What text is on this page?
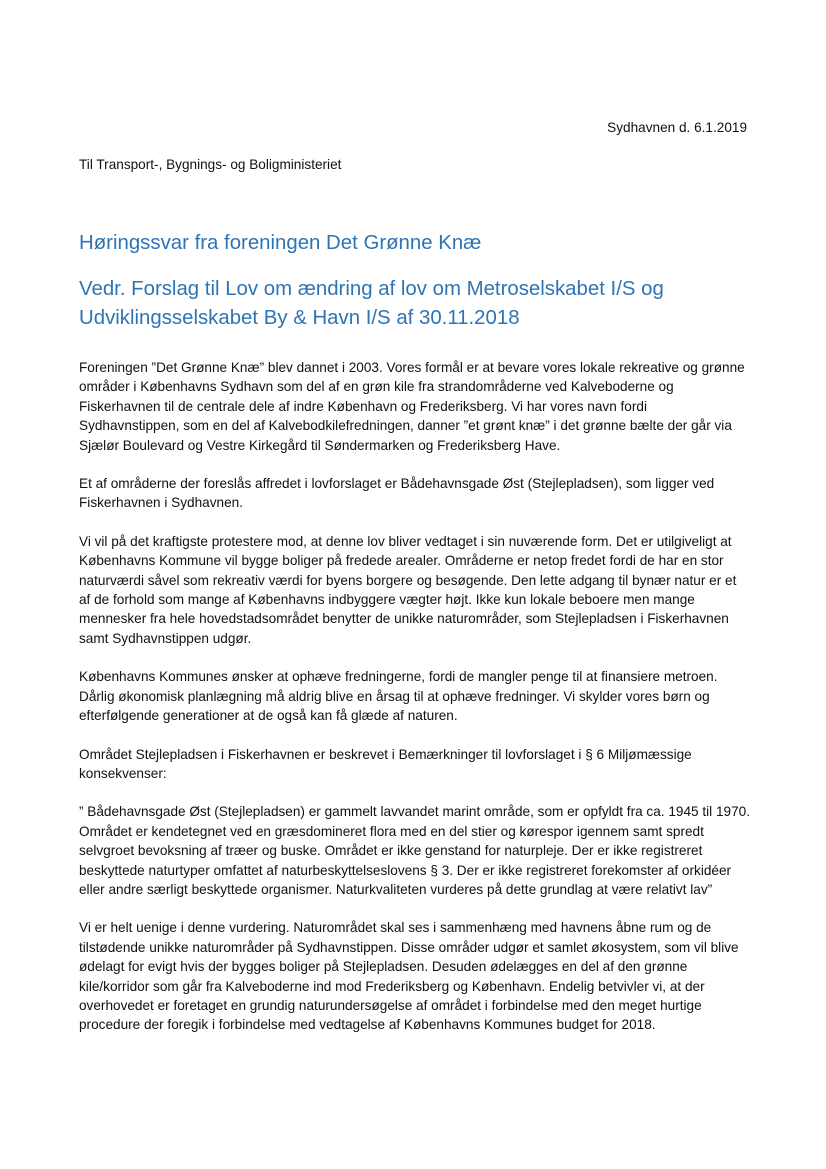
Sydhavnen d. 6.1.2019
Til Transport-, Bygnings- og Boligministeriet
Høringssvar fra foreningen Det Grønne Knæ
Vedr. Forslag til Lov om ændring af lov om Metroselskabet I/S og Udviklingsselskabet By & Havn I/S af 30.11.2018

Foreningen ”Det Grønne Knæ” blev dannet i 2003. Vores formål er at bevare vores lokale rekreative og grønne områder i Københavns Sydhavn som del af en grøn kile fra strandområderne ved Kalveboderne og Fiskerhavnen til de centrale dele af indre København og Frederiksberg. Vi har vores navn fordi Sydhavnstippen, som en del af Kalvebodkilefredningen, danner ”et grønt knæ” i det grønne bælte der går via Sjælør Boulevard og Vestre Kirkegård til Søndermarken og Frederiksberg Have.

Et af områderne der foreslås affredet i lovforslaget er Bådehavnsgade Øst (Stejlepladsen), som ligger ved Fiskerhavnen i Sydhavnen.

Vi vil på det kraftigste protestere mod, at denne lov bliver vedtaget i sin nuværende form. Det er utilgiveligt at Københavns Kommune vil bygge boliger på fredede arealer. Områderne er netop fredet fordi de har en stor naturværdi såvel som rekreativ værdi for byens borgere og besøgende. Den lette adgang til bynær natur er et af de forhold som mange af Københavns indbyggere vægter højt. Ikke kun lokale beboere men mange mennesker fra hele hovedstadsområdet benytter de unikke naturområder, som Stejlepladsen i Fiskerhavnen samt Sydhavnstippen udgør.

Københavns Kommunes ønsker at ophæve fredningerne, fordi de mangler penge til at finansiere metroen. Dårlig økonomisk planlægning må aldrig blive en årsag til at ophæve fredninger. Vi skylder vores børn og efterfølgende generationer at de også kan få glæde af naturen.

Området Stejlepladsen i Fiskerhavnen er beskrevet i Bemærkninger til lovforslaget i § 6 Miljømæssige konsekvenser:

” Bådehavnsgade Øst (Stejlepladsen) er gammelt lavvandet marint område, som er opfyldt fra ca. 1945 til 1970. Området er kendetegnet ved en græsdomineret flora med en del stier og kørespor igennem samt spredt selvgroet bevoksning af træer og buske. Området er ikke genstand for naturpleje. Der er ikke registreret beskyttede naturtyper omfattet af naturbeskyttelseslovens § 3. Der er ikke registreret forekomster af orkidéer eller andre særligt beskyttede organismer. Naturkvaliteten vurderes på dette grundlag at være relativt lav”

Vi er helt uenige i denne vurdering. Naturområdet skal ses i sammenhæng med havnens åbne rum og de tilstødende unikke naturområder på Sydhavnstippen. Disse områder udgør et samlet økosystem, som vil blive ødelagt for evigt hvis der bygges boliger på Stejlepladsen. Desuden ødelægges en del af den grønne kile/korridor som går fra Kalveboderne ind mod Frederiksberg og København. Endelig betvivler vi, at der overhovedet er foretaget en grundig naturundersøgelse af området i forbindelse med den meget hurtige procedure der foregik i forbindelse med vedtagelse af Københavns Kommunes budget for 2018.
